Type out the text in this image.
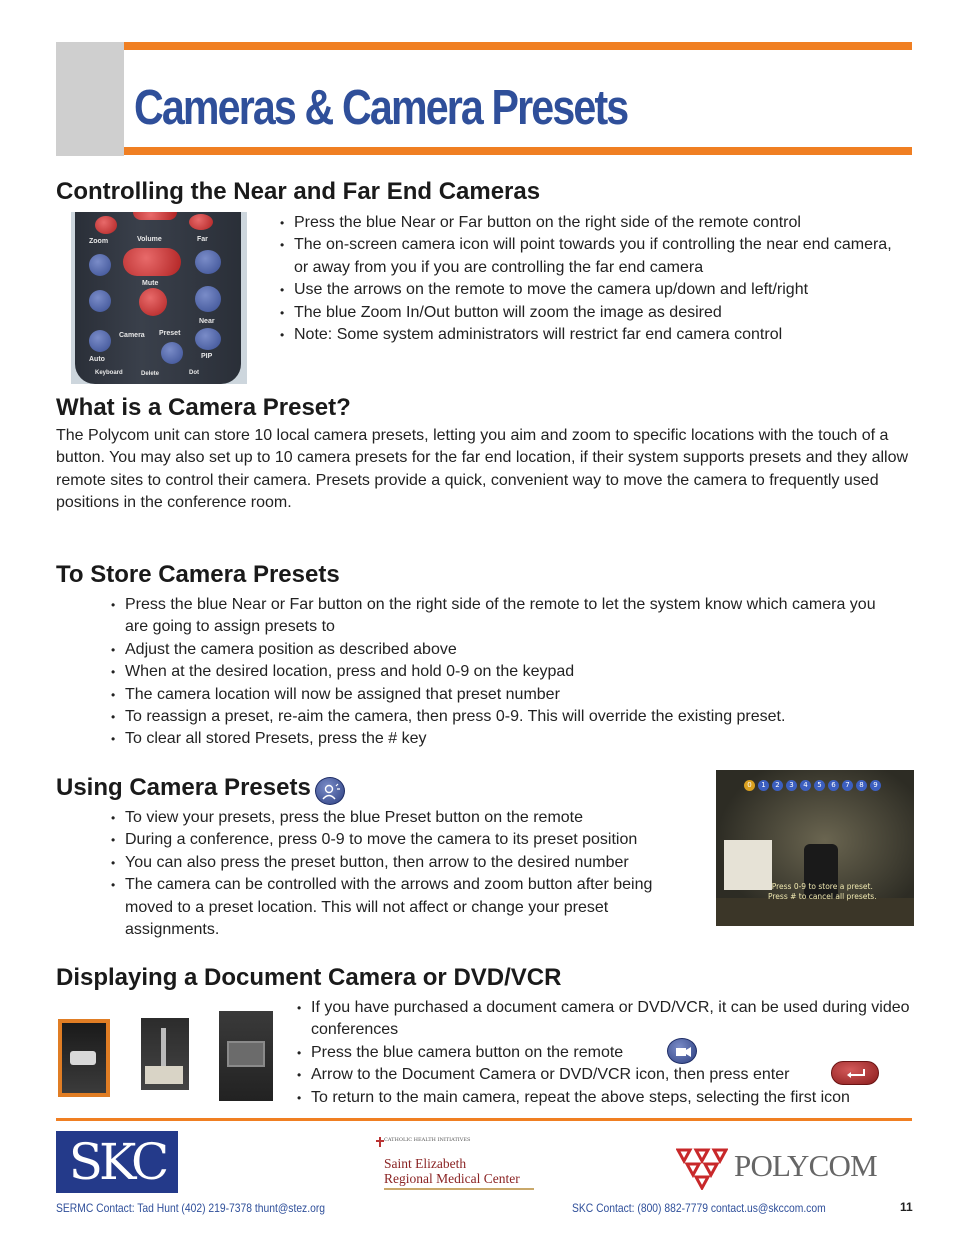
Cameras & Camera Presets
Controlling the Near and Far End Cameras
Zoom	Volume	Far
Mute
Near
Camera Preset
Auto	PIP
Keyboard	Delete	Dot
• Press the blue Near or Far button on the right side of the remote control
• The on-screen camera icon will point towards you if controlling the near end camera, or away from you if you are controlling the far end camera
• Use the arrows on the remote to move the camera up/down and left/right
• The blue Zoom In/Out button will zoom the image as desired
• Note: Some system administrators will restrict far end camera control
What is a Camera Preset?

The Polycom unit can store 10 local camera presets, letting you aim and zoom to specific locations with the touch of a button. You may also set up to 10 camera presets for the far end location, if their system supports presets and they allow remote sites to control their camera. Presets provide a quick, convenient way to move the camera to frequently used positions in the conference room.

To Store Camera Presets
• Press the blue Near or Far button on the right side of the remote to let the system know which camera you are going to assign presets to
• Adjust the camera position as described above
• When at the desired location, press and hold 0-9 on the keypad
• The camera location will now be assigned that preset number
• To reassign a preset, re-aim the camera, then press 0-9. This will override the existing preset.
• To clear all stored Presets, press the # key
Using Camera Presets
• To view your presets, press the blue Preset button on the remote
• During a conference, press 0-9 to move the camera to its preset position
• You can also press the preset button, then arrow to the desired number
• The camera can be controlled with the arrows and zoom button after being moved to a preset location. This will not affect or change your preset assignments.
0	1	2	3	4	5	6	7	8	9
Press 0-9 to store a preset.
Press # to cancel all presets.
Displaying a Document Camera or DVD/VCR
• If you have purchased a document camera or DVD/VCR, it can be used during video conferences
• Press the blue camera button on the remote
• Arrow to the Document Camera or DVD/VCR icon, then press enter
• To return to the main camera, repeat the above steps, selecting the first icon
SKC	CATHOLIC HEALTH INITIATIVES
Saint Elizabeth
Regional Medical Center	POLYCOM
SERMC Contact: Tad Hunt (402) 219-7378 thunt@stez.org	SKC Contact: (800) 882-7779 contact.us@skccom.com	11
